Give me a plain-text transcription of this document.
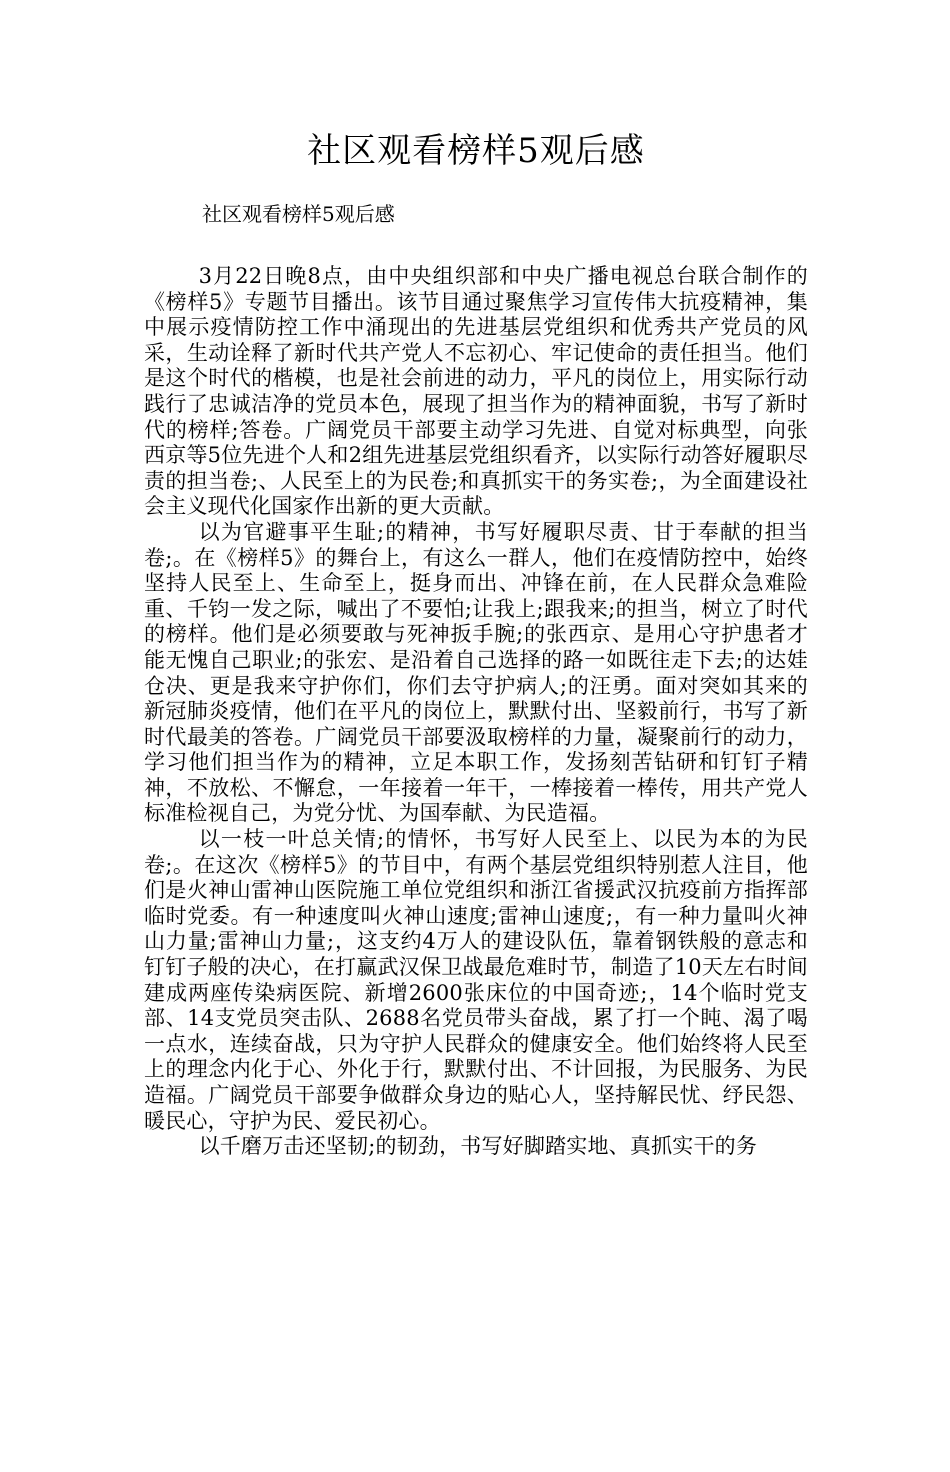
社区观看榜样5观后感
社区观看榜样5观后感

3月22日晚8点，由中央组织部和中央广播电视总台联合制作的《榜样5》专题节目播出。该节目通过聚焦学习宣传伟大抗疫精神，集中展示疫情防控工作中涌现出的先进基层党组织和优秀共产党员的风采，生动诠释了新时代共产党人不忘初心、牢记使命的责任担当。他们是这个时代的楷模，也是社会前进的动力，平凡的岗位上，用实际行动践行了忠诚洁净的党员本色，展现了担当作为的精神面貌，书写了新时代的榜样;答卷。广阔党员干部要主动学习先进、自觉对标典型，向张西京等5位先进个人和2组先进基层党组织看齐，以实际行动答好履职尽责的担当卷;、人民至上的为民卷;和真抓实干的务实卷;，为全面建设社会主义现代化国家作出新的更大贡献。

以为官避事平生耻;的精神，书写好履职尽责、甘于奉献的担当卷;。在《榜样5》的舞台上，有这么一群人，他们在疫情防控中，始终坚持人民至上、生命至上，挺身而出、冲锋在前，在人民群众急难险重、千钧一发之际，喊出了不要怕;让我上;跟我来;的担当，树立了时代的榜样。他们是必须要敢与死神扳手腕;的张西京、是用心守护患者才能无愧自己职业;的张宏、是沿着自己选择的路一如既往走下去;的达娃仓决、更是我来守护你们，你们去守护病人;的汪勇。面对突如其来的新冠肺炎疫情，他们在平凡的岗位上，默默付出、坚毅前行，书写了新时代最美的答卷。广阔党员干部要汲取榜样的力量，凝聚前行的动力，学习他们担当作为的精神，立足本职工作，发扬刻苦钻研和钉钉子精神，不放松、不懈怠，一年接着一年干，一棒接着一棒传，用共产党人标准检视自己，为党分忧、为国奉献、为民造福。

以一枝一叶总关情;的情怀，书写好人民至上、以民为本的为民卷;。在这次《榜样5》的节目中，有两个基层党组织特别惹人注目，他们是火神山雷神山医院施工单位党组织和浙江省援武汉抗疫前方指挥部临时党委。有一种速度叫火神山速度;雷神山速度;，有一种力量叫火神山力量;雷神山力量;，这支约4万人的建设队伍，靠着钢铁般的意志和钉钉子般的决心，在打赢武汉保卫战最危难时节，制造了10天左右时间建成两座传染病医院、新增2600张床位的中国奇迹;，14个临时党支部、14支党员突击队、2688名党员带头奋战，累了打一个盹、渴了喝一点水，连续奋战，只为守护人民群众的健康安全。他们始终将人民至上的理念内化于心、外化于行，默默付出、不计回报，为民服务、为民造福。广阔党员干部要争做群众身边的贴心人，坚持解民忧、纾民怨、暖民心，守护为民、爱民初心。

以千磨万击还坚韧;的韧劲，书写好脚踏实地、真抓实干的务
